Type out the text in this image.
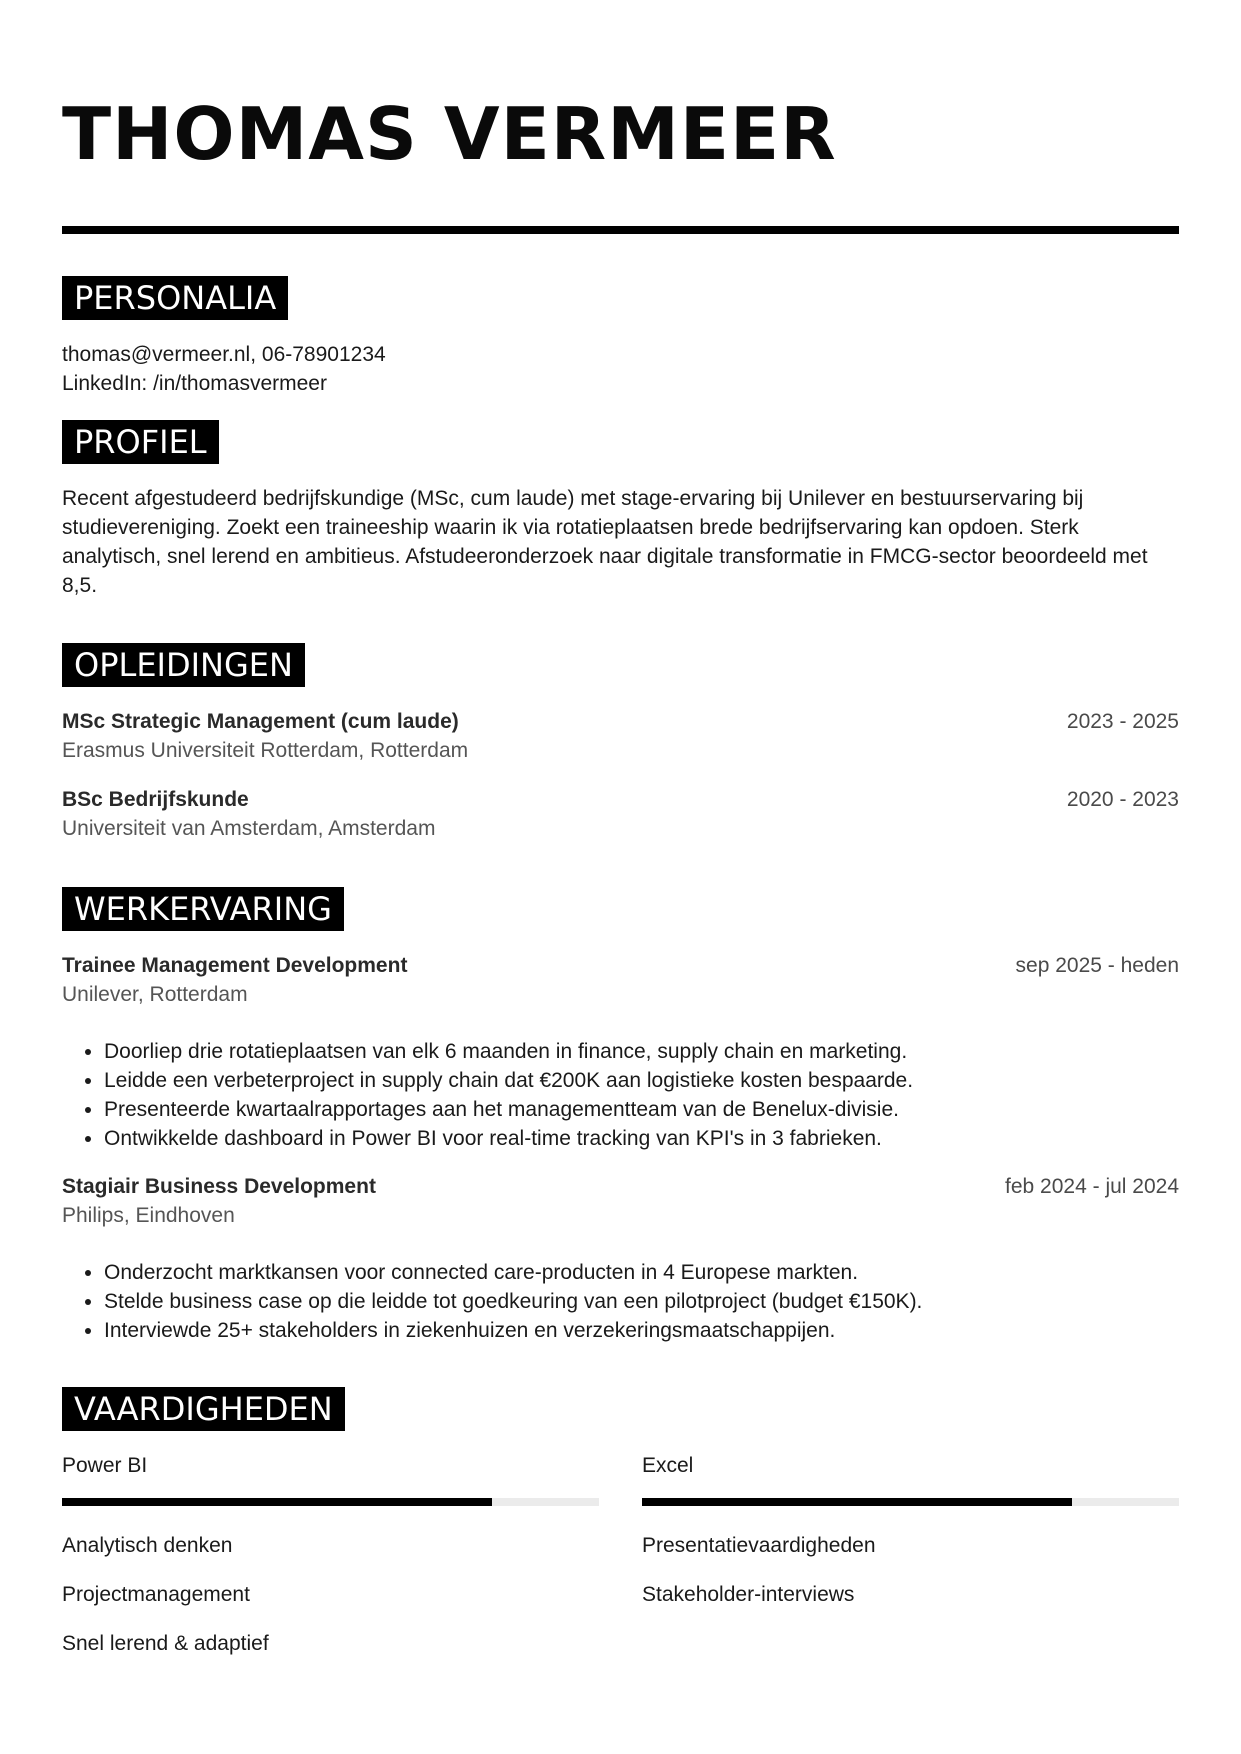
THOMAS VERMEER
PERSONALIA
thomas@vermeer.nl, 06-78901234
LinkedIn: /in/thomasvermeer
PROFIEL
Recent afgestudeerd bedrijfskundige (MSc, cum laude) met stage-ervaring bij Unilever en bestuurservaring bij studievereniging. Zoekt een traineeship waarin ik via rotatieplaatsen brede bedrijfservaring kan opdoen. Sterk analytisch, snel lerend en ambitieus. Afstudeeronderzoek naar digitale transformatie in FMCG-sector beoordeeld met 8,5.
OPLEIDINGEN
MSc Strategic Management (cum laude)	2023 - 2025
Erasmus Universiteit Rotterdam, Rotterdam
BSc Bedrijfskunde	2020 - 2023
Universiteit van Amsterdam, Amsterdam
WERKERVARING
Trainee Management Development	sep 2025 - heden
Unilever, Rotterdam
• Doorliep drie rotatieplaatsen van elk 6 maanden in finance, supply chain en marketing.
• Leidde een verbeterproject in supply chain dat €200K aan logistieke kosten bespaarde.
• Presenteerde kwartaalrapportages aan het managementteam van de Benelux-divisie.
• Ontwikkelde dashboard in Power BI voor real-time tracking van KPI's in 3 fabrieken.
Stagiair Business Development	feb 2024 - jul 2024
Philips, Eindhoven
• Onderzocht marktkansen voor connected care-producten in 4 Europese markten.
• Stelde business case op die leidde tot goedkeuring van een pilotproject (budget €150K).
• Interviewde 25+ stakeholders in ziekenhuizen en verzekeringsmaatschappijen.
VAARDIGHEDEN
Power BI	Excel
Analytisch denken	Presentatievaardigheden
Projectmanagement	Stakeholder-interviews
Snel lerend & adaptief
